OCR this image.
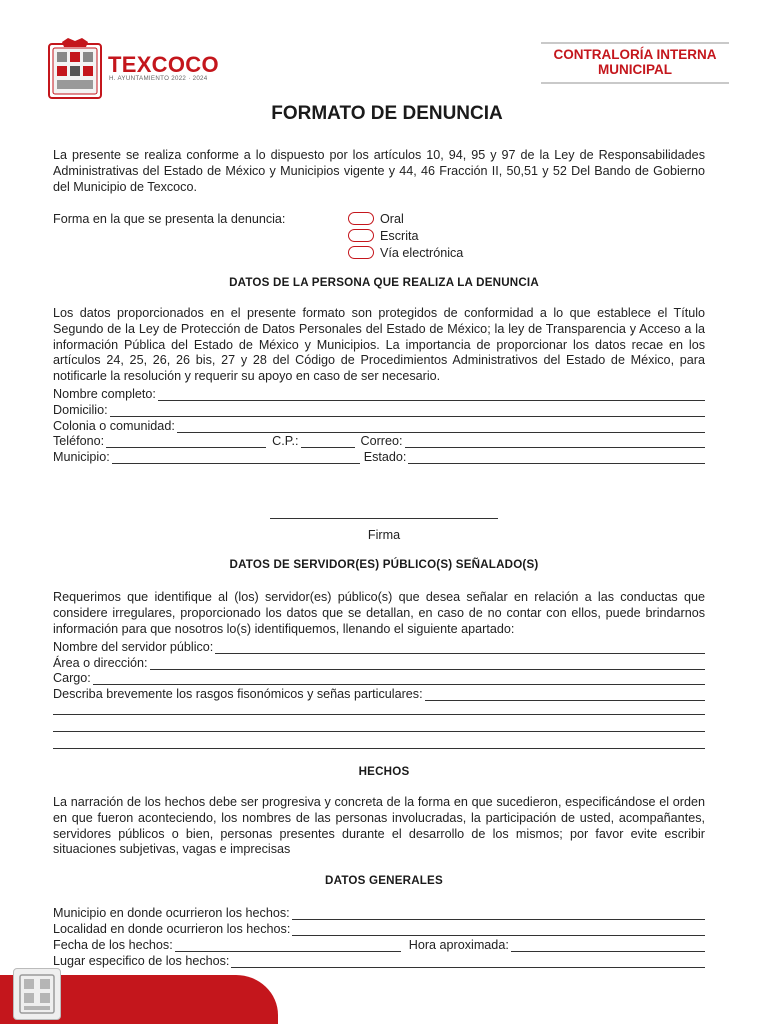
TEXCOCO
H. AYUNTAMIENTO 2022 · 2024
CONTRALORÍA INTERNA
MUNICIPAL
FORMATO DE DENUNCIA

La presente se realiza conforme a lo dispuesto por los artículos 10, 94, 95 y 97 de la Ley de Responsabilidades Administrativas del Estado de México y Municipios vigente y 44, 46 Fracción II, 50,51 y 52 Del Bando de Gobierno del Municipio de Texcoco.

Forma en la que se presenta la denuncia:	Oral
Escrita
Vía electrónica
DATOS DE LA PERSONA QUE REALIZA LA DENUNCIA

Los datos proporcionados en el presente formato son protegidos de conformidad a lo que establece el Título Segundo de la Ley de Protección de Datos Personales del Estado de México; la ley de Transparencia y Acceso a la información Pública del Estado de México y Municipios. La importancia de proporcionar los datos recae en los artículos 24, 25, 26, 26 bis, 27 y 28 del Código de Procedimientos Administrativos del Estado de México, para notificarle la resolución y requerir su apoyo en caso de ser necesario.

Nombre completo:
Domicilio:
Colonia o comunidad:
Teléfono:	C.P.:	Correo:
Municipio:	Estado:
Firma
DATOS DE SERVIDOR(ES) PÚBLICO(S) SEÑALADO(S)

Requerimos que identifique al (los) servidor(es) público(s) que desea señalar en relación a las conductas que considere irregulares, proporcionado los datos que se detallan, en caso de no contar con ellos, puede brindarnos información para que nosotros lo(s) identifiquemos, llenando el siguiente apartado:

Nombre del servidor público:
Área o dirección:
Cargo:
Describa brevemente los rasgos fisonómicos y señas particulares:
HECHOS

La narración de los hechos debe ser progresiva y concreta de la forma en que sucedieron, especificándose el orden en que fueron aconteciendo, los nombres de las personas involucradas, la participación de usted, acompañantes, servidores públicos o bien, personas presentes durante el desarrollo de los mismos; por favor evite escribir situaciones subjetivas, vagas e imprecisas

DATOS GENERALES
Municipio en donde ocurrieron los hechos:
Localidad en donde ocurrieron los hechos:
Fecha de los hechos:	Hora aproximada:
Lugar especifico de los hechos:
